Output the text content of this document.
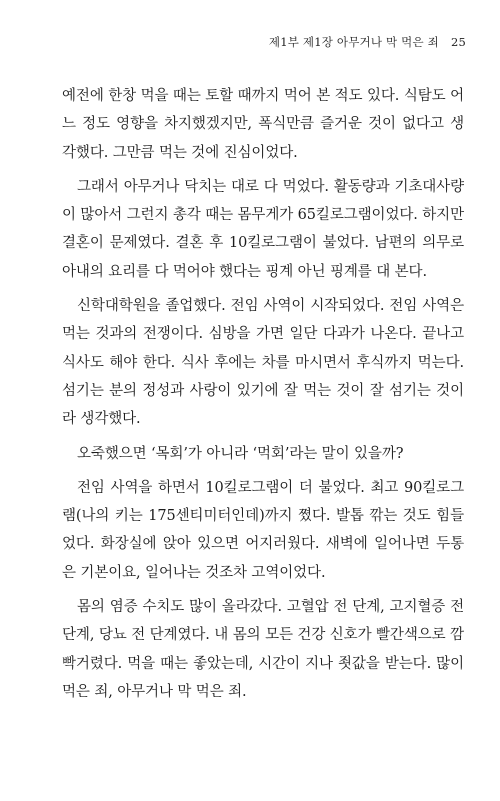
제1부 제1장 아무거나 막 먹은 죄 25

예전에 한창 먹을 때는 토할 때까지 먹어 본 적도 있다. 식탐도 어느 정도 영향을 차지했겠지만, 폭식만큼 즐거운 것이 없다고 생각했다. 그만큼 먹는 것에 진심이었다.

그래서 아무거나 닥치는 대로 다 먹었다. 활동량과 기초대사량이 많아서 그런지 총각 때는 몸무게가 65킬로그램이었다. 하지만 결혼이 문제였다. 결혼 후 10킬로그램이 불었다. 남편의 의무로 아내의 요리를 다 먹어야 했다는 핑계 아닌 핑계를 대 본다.

신학대학원을 졸업했다. 전임 사역이 시작되었다. 전임 사역은 먹는 것과의 전쟁이다. 심방을 가면 일단 다과가 나온다. 끝나고 식사도 해야 한다. 식사 후에는 차를 마시면서 후식까지 먹는다. 섬기는 분의 정성과 사랑이 있기에 잘 먹는 것이 잘 섬기는 것이라 생각했다.

오죽했으면 ‘목회’가 아니라 ‘먹회’라는 말이 있을까?

전임 사역을 하면서 10킬로그램이 더 불었다. 최고 90킬로그램(나의 키는 175센티미터인데)까지 쪘다. 발톱 깎는 것도 힘들었다. 화장실에 앉아 있으면 어지러웠다. 새벽에 일어나면 두통은 기본이요, 일어나는 것조차 고역이었다.

몸의 염증 수치도 많이 올라갔다. 고혈압 전 단계, 고지혈증 전 단계, 당뇨 전 단계였다. 내 몸의 모든 건강 신호가 빨간색으로 깜빡거렸다. 먹을 때는 좋았는데, 시간이 지나 죗값을 받는다. 많이 먹은 죄, 아무거나 막 먹은 죄.
